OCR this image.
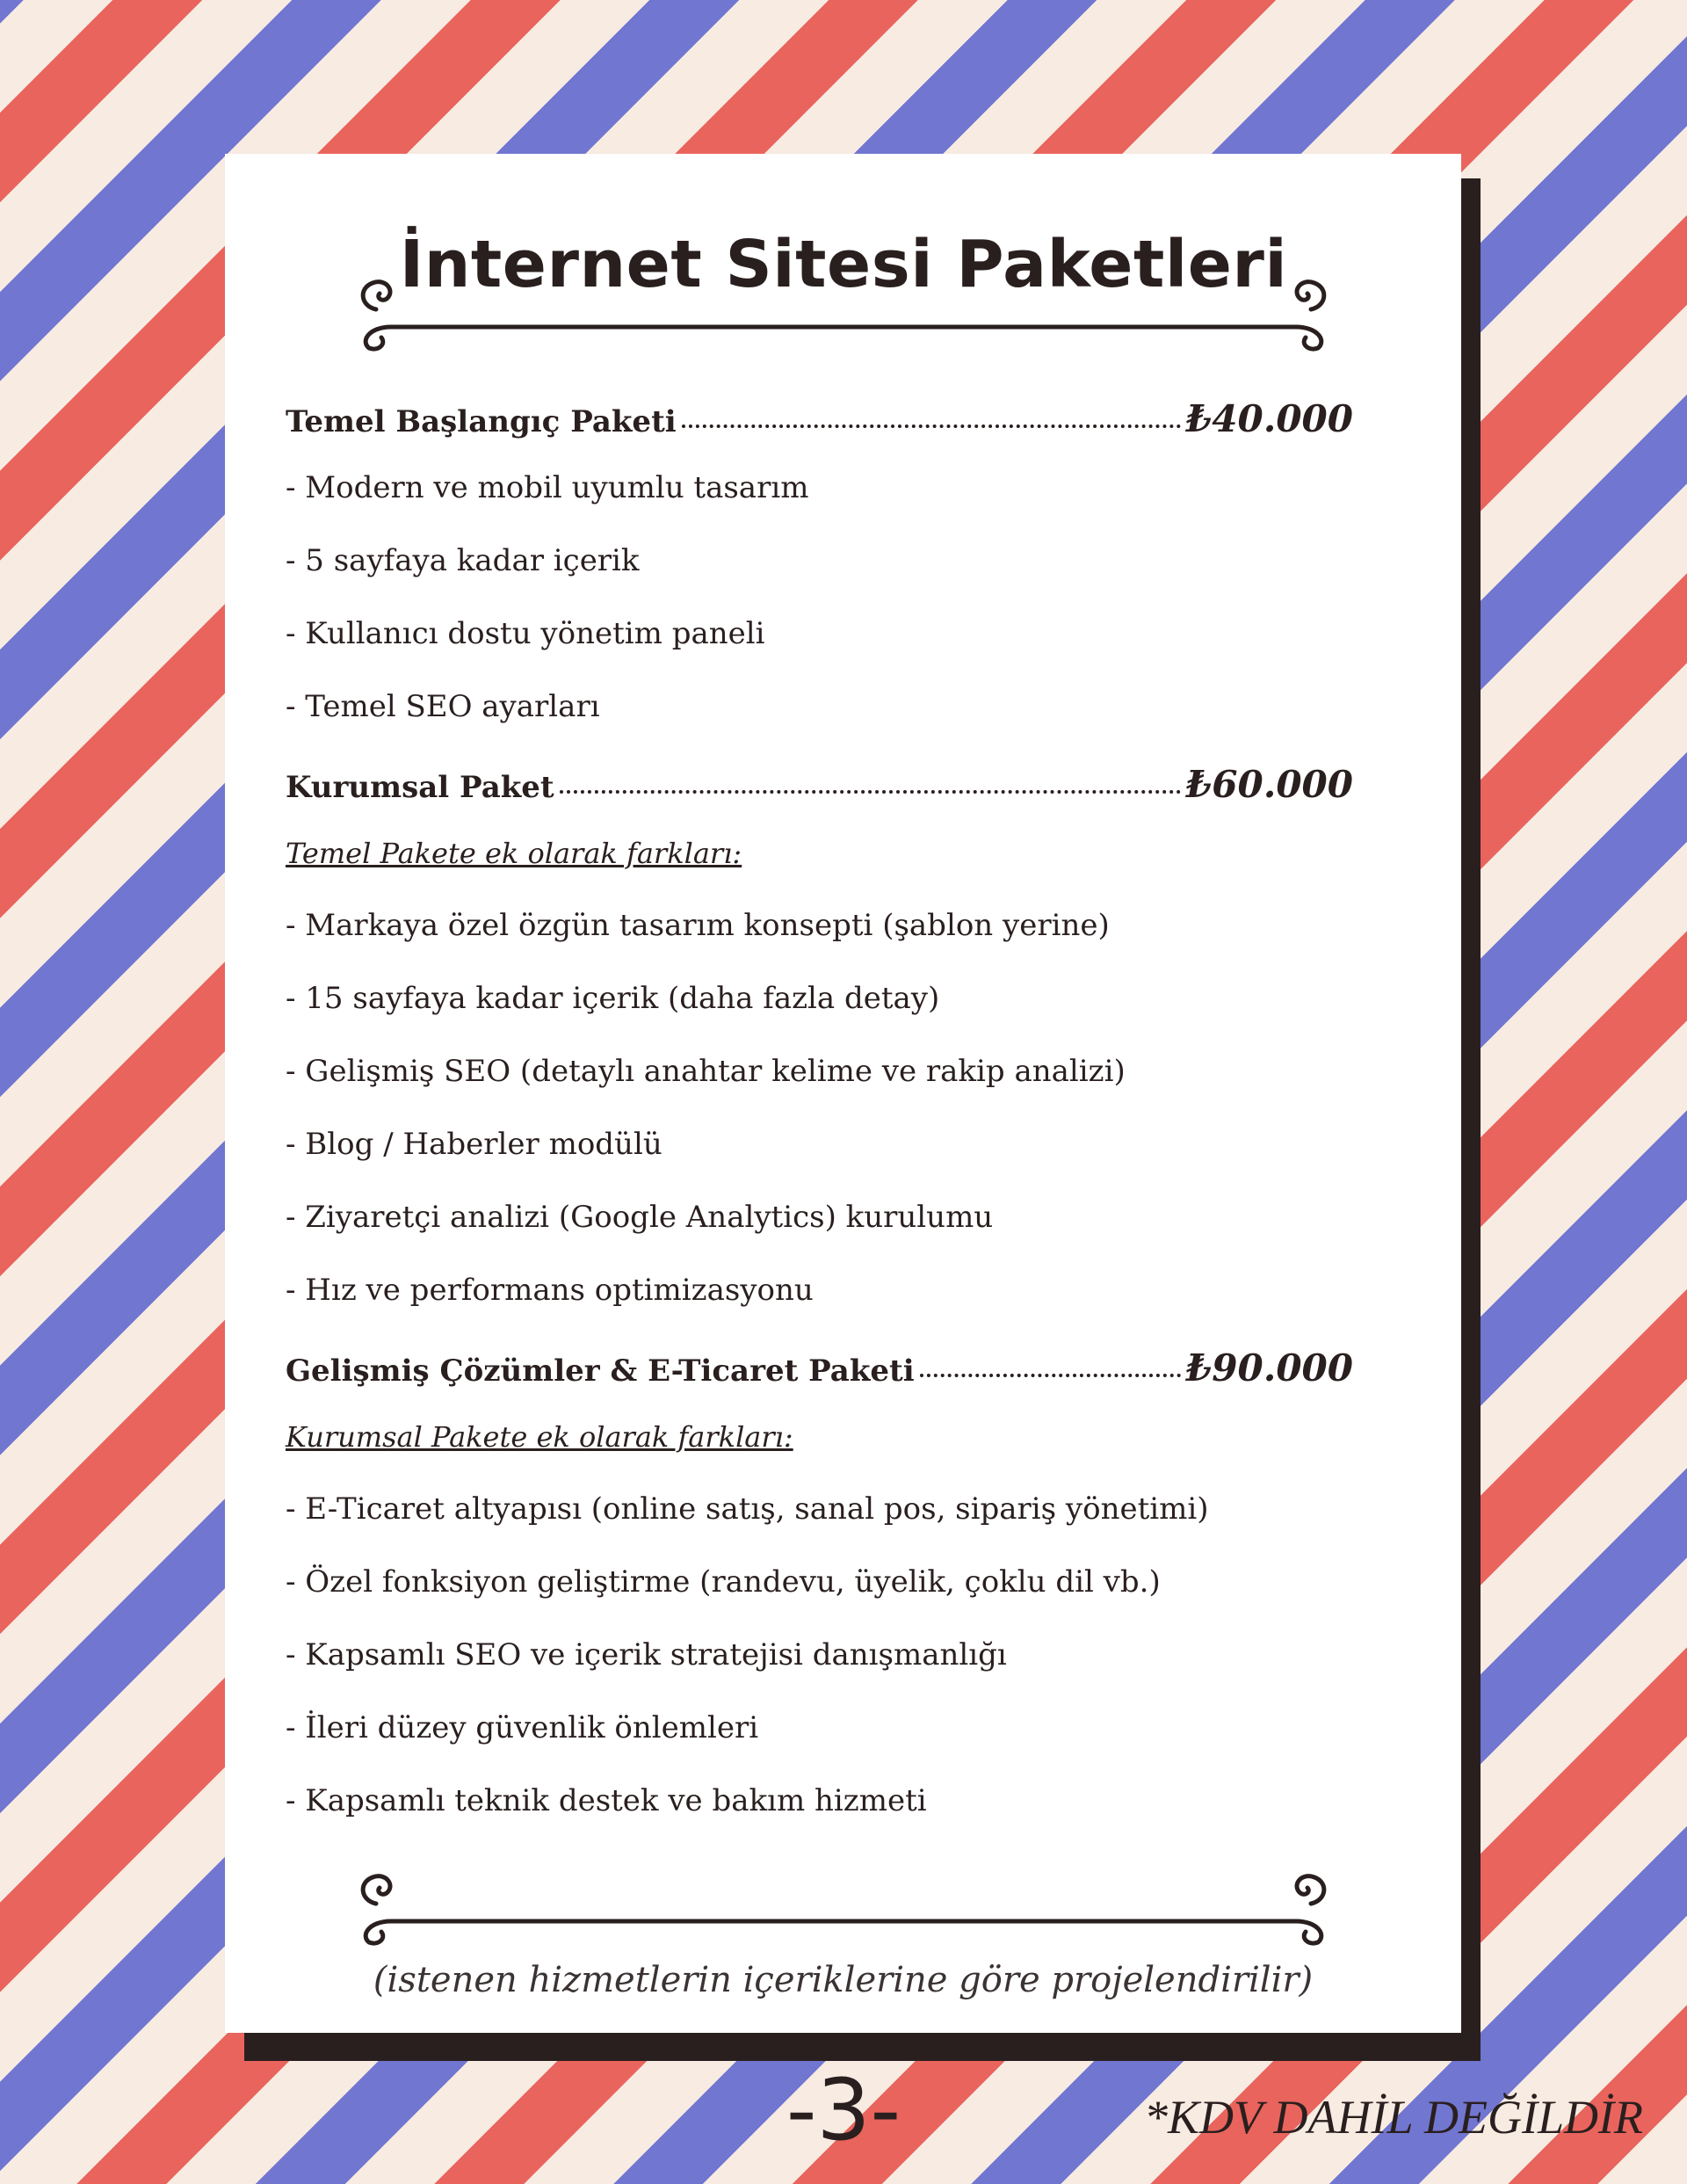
İnternet Sitesi Paketleri
Temel Başlangıç Paketi	₺40.000
- Modern ve mobil uyumlu tasarım
- 5 sayfaya kadar içerik
- Kullanıcı dostu yönetim paneli
- Temel SEO ayarları
Kurumsal Paket	₺60.000
Temel Pakete ek olarak farkları:
- Markaya özel özgün tasarım konsepti (şablon yerine)
- 15 sayfaya kadar içerik (daha fazla detay)
- Gelişmiş SEO (detaylı anahtar kelime ve rakip analizi)
- Blog / Haberler modülü
- Ziyaretçi analizi (Google Analytics) kurulumu
- Hız ve performans optimizasyonu
Gelişmiş Çözümler & E-Ticaret Paketi	₺90.000
Kurumsal Pakete ek olarak farkları:
- E-Ticaret altyapısı (online satış, sanal pos, sipariş yönetimi)
- Özel fonksiyon geliştirme (randevu, üyelik, çoklu dil vb.)
- Kapsamlı SEO ve içerik stratejisi danışmanlığı
- İleri düzey güvenlik önlemleri
- Kapsamlı teknik destek ve bakım hizmeti
(istenen hizmetlerin içeriklerine göre projelendirilir)
-3-	*KDV DAHİL DEĞİLDİR
